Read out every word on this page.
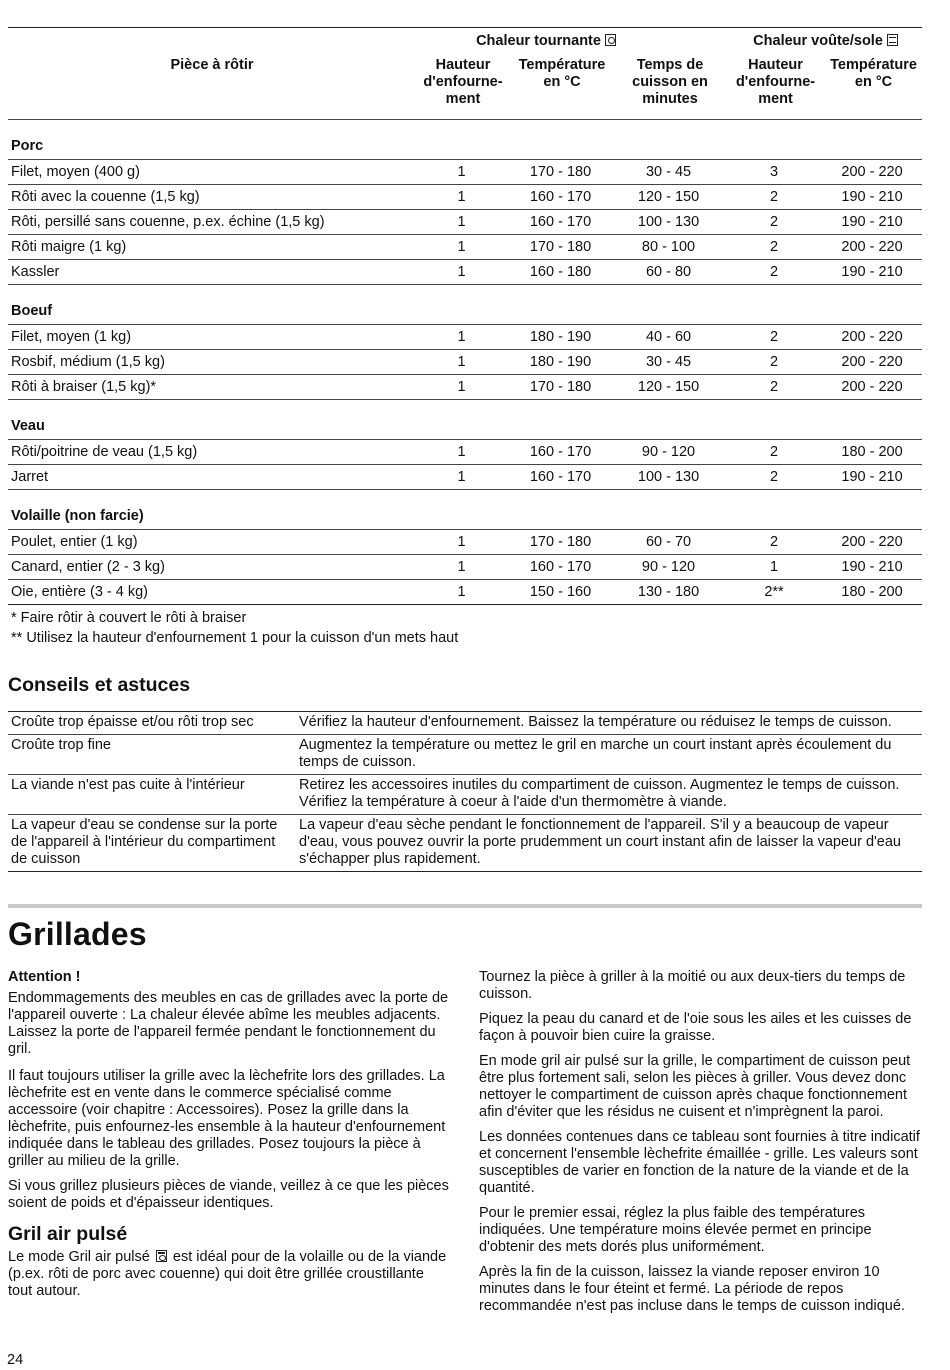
	Chaleur tournante			Chaleur voûte/sole	
Pièce à rôtir	Hauteur d'enfourne-ment	Température en °C	Temps de cuisson en minutes	Hauteur d'enfourne-ment	Température en °C
Porc					
Filet, moyen (400 g)	1	170 - 180	30 - 45	3	200 - 220
Rôti avec la couenne (1,5 kg)	1	160 - 170	120 - 150	2	190 - 210
Rôti, persillé sans couenne, p.ex. échine (1,5 kg)	1	160 - 170	100 - 130	2	190 - 210
Rôti maigre (1 kg)	1	170 - 180	80 - 100	2	200 - 220
Kassler	1	160 - 180	60 - 80	2	190 - 210
Boeuf					
Filet, moyen (1 kg)	1	180 - 190	40 - 60	2	200 - 220
Rosbif, médium (1,5 kg)	1	180 - 190	30 - 45	2	200 - 220
Rôti à braiser (1,5 kg)*	1	170 - 180	120 - 150	2	200 - 220
Veau					
Rôti/poitrine de veau (1,5 kg)	1	160 - 170	90 - 120	2	180 - 200
Jarret	1	160 - 170	100 - 130	2	190 - 210
Volaille (non farcie)					
Poulet, entier (1 kg)	1	170 - 180	60 - 70	2	200 - 220
Canard, entier (2 - 3 kg)	1	160 - 170	90 - 120	1	190 - 210
Oie, entière (3 - 4 kg)	1	150 - 160	130 - 180	2**	180 - 200
* Faire rôtir à couvert le rôti à braiser
** Utilisez la hauteur d'enfournement 1 pour la cuisson d'un mets haut
Conseils et astuces
Croûte trop épaisse et/ou rôti trop sec	Vérifiez la hauteur d'enfournement. Baissez la température ou réduisez le temps de cuisson.
Croûte trop fine	Augmentez la température ou mettez le gril en marche un court instant après écoulement du temps de cuisson.
La viande n'est pas cuite à l'intérieur	Retirez les accessoires inutiles du compartiment de cuisson. Augmentez le temps de cuisson. Vérifiez la température à coeur à l'aide d'un thermomètre à viande.
La vapeur d'eau se condense sur la porte de l'appareil à l'intérieur du compartiment de cuisson	La vapeur d'eau sèche pendant le fonctionnement de l'appareil. S'il y a beaucoup de vapeur d'eau, vous pouvez ouvrir la porte prudemment un court instant afin de laisser la vapeur d'eau s'échapper plus rapidement.
Grillades
Attention !

Endommagements des meubles en cas de grillades avec la porte de l'appareil ouverte : La chaleur élevée abîme les meubles adjacents. Laissez la porte de l'appareil fermée pendant le fonctionnement du gril.

Il faut toujours utiliser la grille avec la lèchefrite lors des grillades. La lèchefrite est en vente dans le commerce spécialisé comme accessoire (voir chapitre : Accessoires). Posez la grille dans la lèchefrite, puis enfournez-les ensemble à la hauteur d'enfournement indiquée dans le tableau des grillades. Posez toujours la pièce à griller au milieu de la grille.

Si vous grillez plusieurs pièces de viande, veillez à ce que les pièces soient de poids et d'épaisseur identiques.

Gril air pulsé

Le mode Gril air pulsé est idéal pour de la volaille ou de la viande (p.ex. rôti de porc avec couenne) qui doit être grillée croustillante tout autour.

Tournez la pièce à griller à la moitié ou aux deux-tiers du temps de cuisson.

Piquez la peau du canard et de l'oie sous les ailes et les cuisses de façon à pouvoir bien cuire la graisse.

En mode gril air pulsé sur la grille, le compartiment de cuisson peut être plus fortement sali, selon les pièces à griller. Vous devez donc nettoyer le compartiment de cuisson après chaque fonctionnement afin d'éviter que les résidus ne cuisent et n'imprègnent la paroi.

Les données contenues dans ce tableau sont fournies à titre indicatif et concernent l'ensemble lèchefrite émaillée - grille. Les valeurs sont susceptibles de varier en fonction de la nature de la viande et de la quantité.

Pour le premier essai, réglez la plus faible des températures indiquées. Une température moins élevée permet en principe d'obtenir des mets dorés plus uniformément.

Après la fin de la cuisson, laissez la viande reposer environ 10 minutes dans le four éteint et fermé. La période de repos recommandée n'est pas incluse dans le temps de cuisson indiqué.

24
